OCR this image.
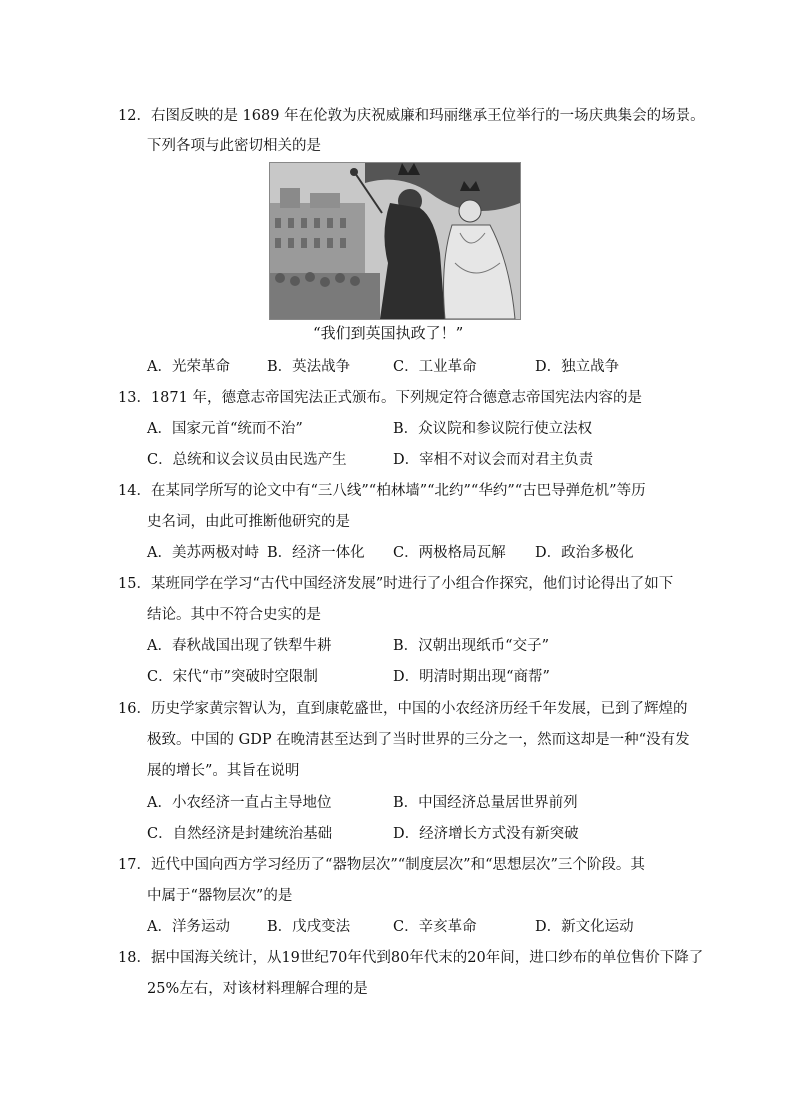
12．右图反映的是 1689 年在伦敦为庆祝威廉和玛丽继承王位举行的一场庆典集会的场景。
下列各项与此密切相关的是
“我们到英国执政了！”
A．光荣革命	B．英法战争	C．工业革命	D．独立战争
13．1871 年，德意志帝国宪法正式颁布。下列规定符合德意志帝国宪法内容的是
A．国家元首“统而不治”	B．众议院和参议院行使立法权
C．总统和议会议员由民选产生	D．宰相不对议会而对君主负责
14．在某同学所写的论文中有“三八线”“柏林墙”“北约”“华约”“古巴导弹危机”等历
史名词，由此可推断他研究的是
A．美苏两极对峙 B．经济一体化 C．两极格局瓦解 D．政治多极化
15．某班同学在学习“古代中国经济发展”时进行了小组合作探究，他们讨论得出了如下
结论。其中不符合史实的是
A．春秋战国出现了铁犁牛耕	B．汉朝出现纸币“交子”
C．宋代“市”突破时空限制	D．明清时期出现“商帮”
16．历史学家黄宗智认为，直到康乾盛世，中国的小农经济历经千年发展，已到了辉煌的
极致。中国的 GDP 在晚清甚至达到了当时世界的三分之一，然而这却是一种“没有发
展的增长”。其旨在说明
A．小农经济一直占主导地位	B．中国经济总量居世界前列
C．自然经济是封建统治基础	D．经济增长方式没有新突破
17．近代中国向西方学习经历了“器物层次”“制度层次”和“思想层次”三个阶段。其
中属于“器物层次”的是
A．洋务运动	B．戊戌变法	C．辛亥革命	D．新文化运动
18．据中国海关统计，从19世纪70年代到80年代末的20年间，进口纱布的单位售价下降了
25%左右，对该材料理解合理的是
